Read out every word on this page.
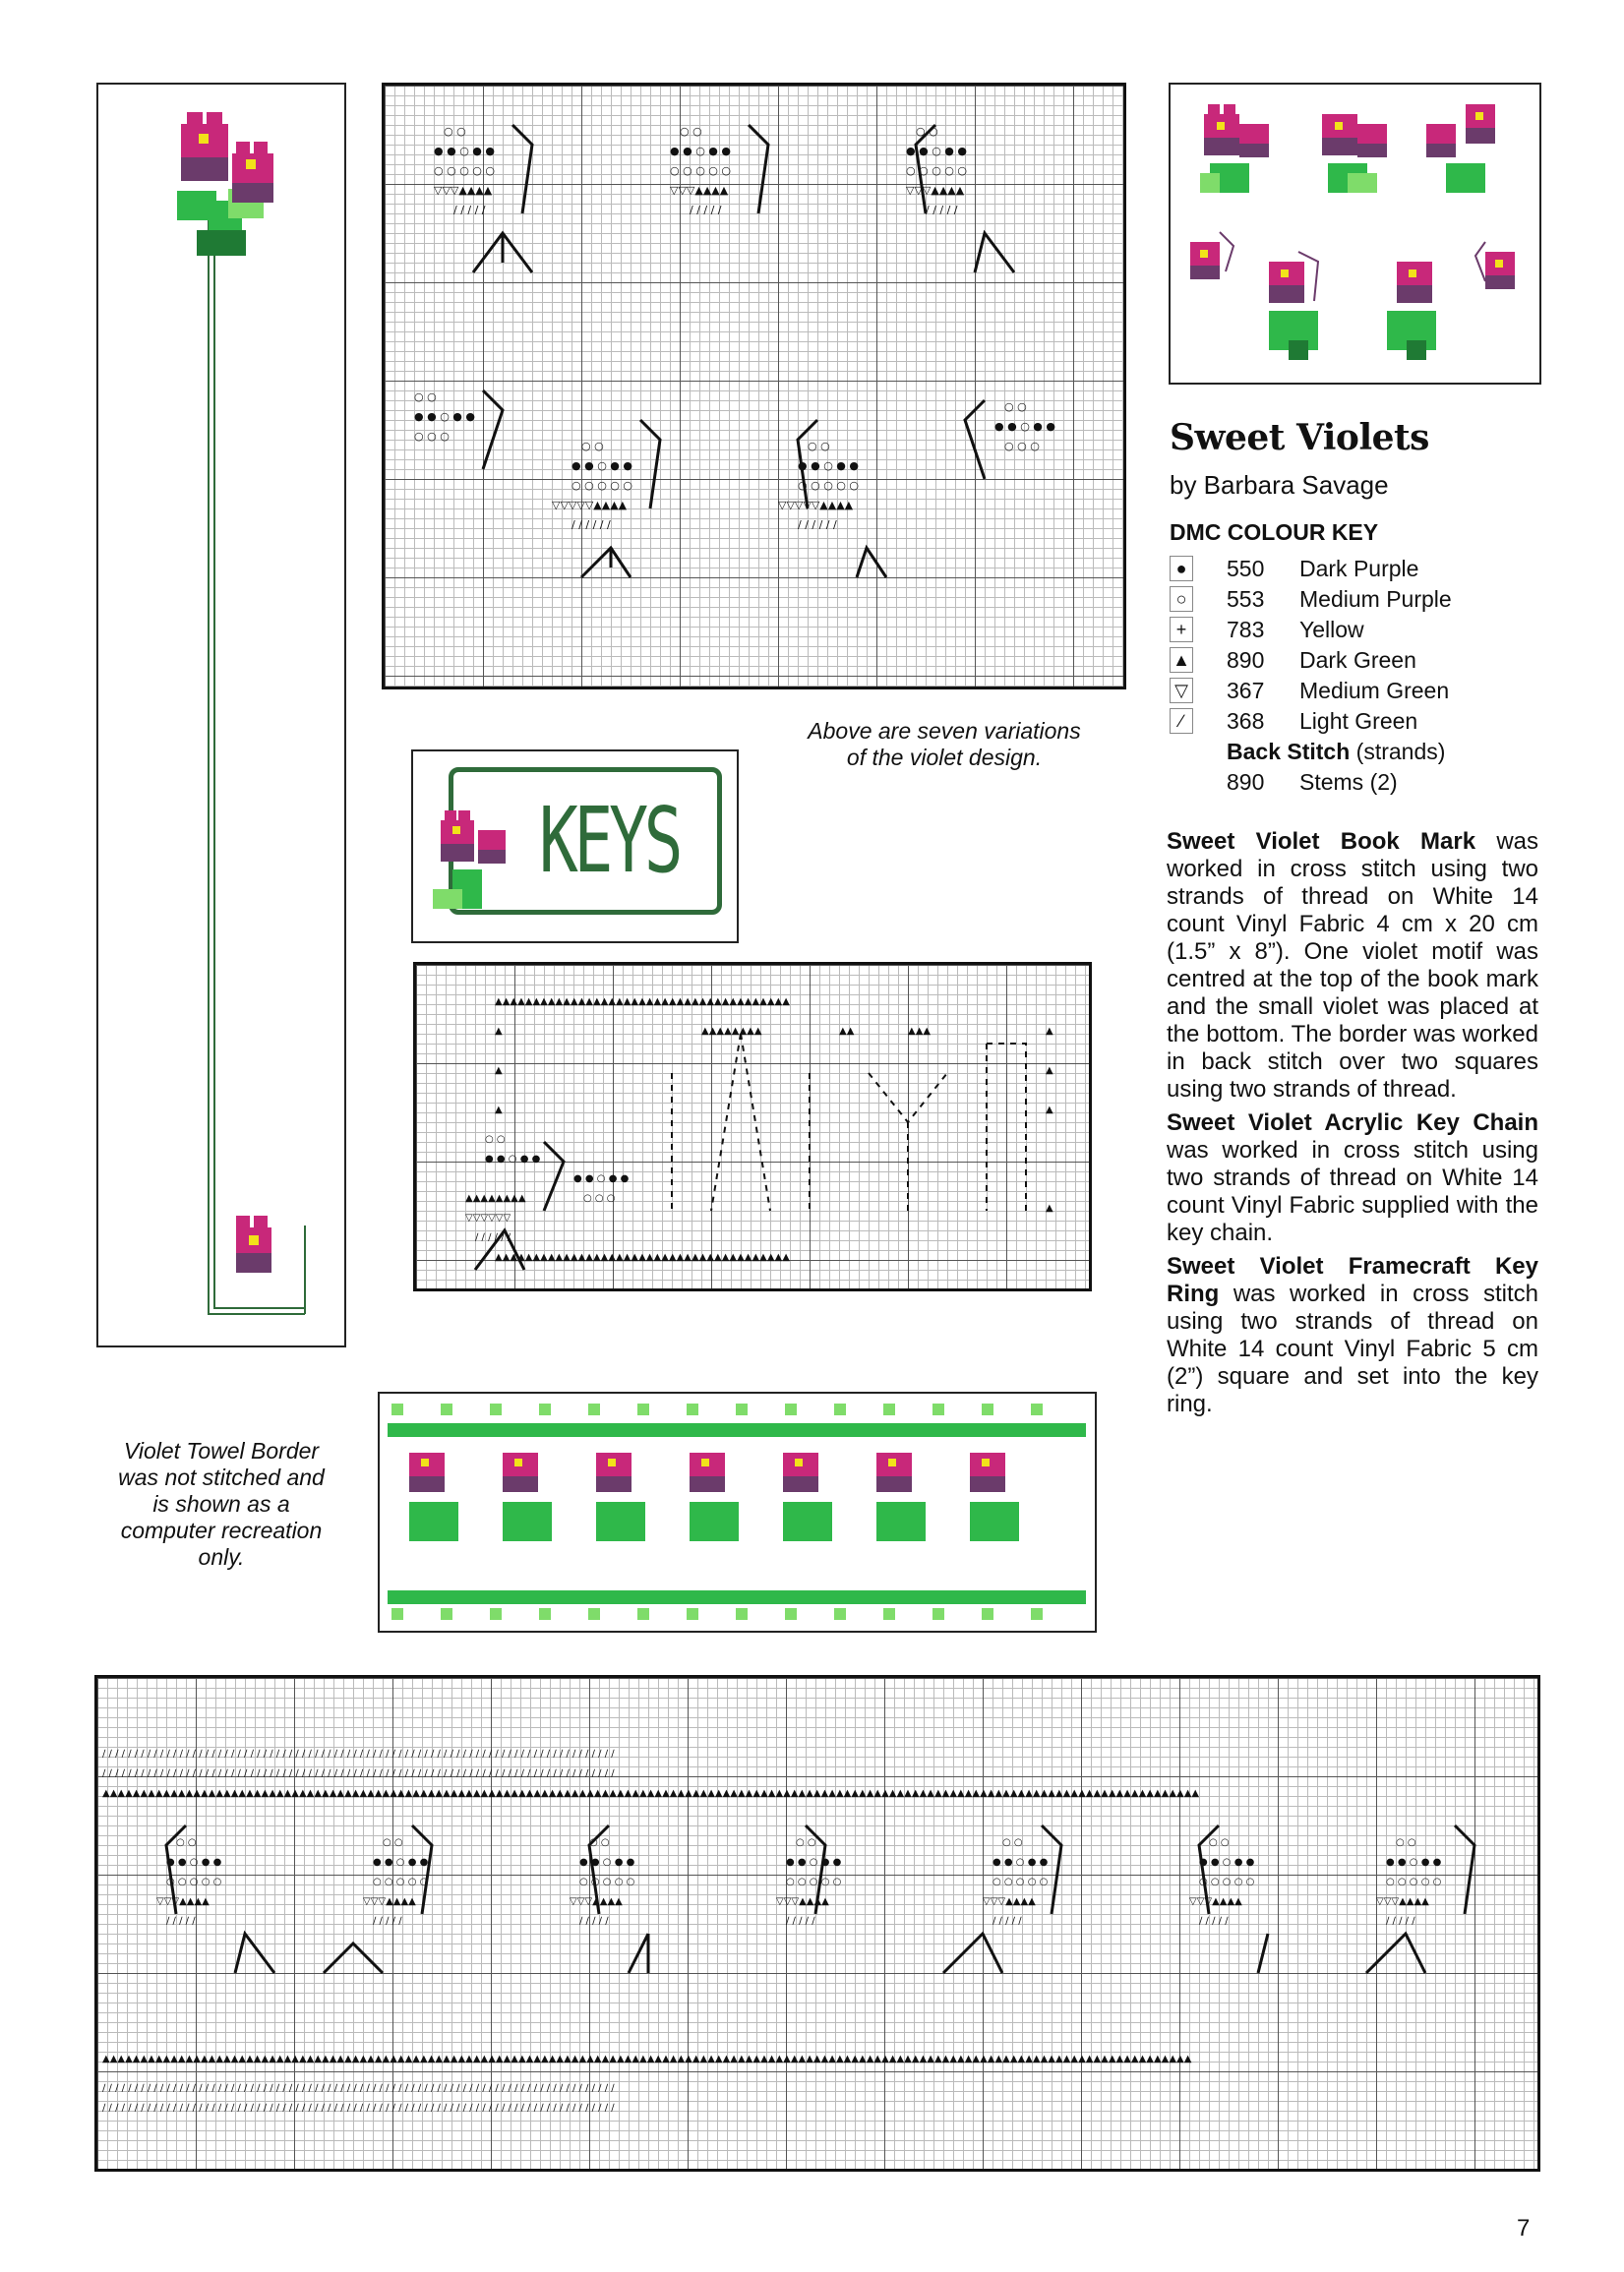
○ ○
● ● ○ ● ●
○ ○ ○ ○ ○
▽▽▽▲▲▲▲
∕ ∕ ∕ ∕ ∕
○ ○
● ● ○ ● ●
○ ○ ○ ○ ○
▽▽▽▲▲▲▲
∕ ∕ ∕ ∕ ∕
○ ○
● ● ○ ● ●
○ ○ ○ ○ ○
▽▽▽▲▲▲▲
∕ ∕ ∕ ∕ ∕
○ ○
● ● ○ ● ●
○ ○ ○
○ ○
● ● ○ ● ●
○ ○ ○ ○ ○
▽▽▽▽▽▲▲▲▲
∕ ∕ ∕ ∕ ∕ ∕
○ ○
● ● ○ ● ●
○ ○ ○ ○ ○
▽▽▽▽▽▲▲▲▲
∕ ∕ ∕ ∕ ∕ ∕
○ ○
● ● ○ ● ●
○ ○ ○	Sweet Violets
by Barbara Savage
DMC COLOUR KEY
● 550 Dark Purple
○ 553 Medium Purple
+ 783 Yellow
▲ 890 Dark Green
▽ 367 Medium Green
∕	368 Light Green
Back Stitch (strands)
890 Stems (2)
Above are seven variations
of the violet design.
KEYS
▲▲▲▲▲▲▲▲▲▲▲▲▲▲▲▲▲▲▲▲▲▲▲▲▲▲▲▲▲▲▲▲▲▲▲▲▲▲▲
▲▲▲▲▲▲▲▲▲▲▲▲▲▲▲▲▲▲▲▲▲▲▲▲▲▲▲▲▲▲▲▲▲▲▲▲▲▲▲
▲
▲
▲
▲
▲
▲
▲
○ ○
● ● ○ ● ●
▲▲▲▲▲▲▲▲
▽▽▽▽▽▽
∕ ∕ ∕ ∕ ∕ ∕
● ● ○ ● ●
○ ○ ○
▲▲▲▲▲▲▲▲	▲▲	▲▲▲
Violet Towel Border
was not stitched and
is shown as a
computer recreation
only.

Sweet Violet Book Mark was worked in cross stitch using two strands of thread on White 14 count Vinyl Fabric 4 cm x 20 cm (1.5” x 8”). One violet motif was centred at the top of the book mark and the small violet was placed at the bottom. The border was worked in back stitch over two squares using two strands of thread.

Sweet Violet Acrylic Key Chain was worked in cross stitch using two strands of thread on White 14 count Vinyl Fabric supplied with the key chain.

Sweet Violet Framecraft Key Ring was worked in cross stitch using two strands of thread on White 14 count Vinyl Fabric 5 cm (2”) square and set into the key ring.

∕ ∕ ∕ ∕ ∕ ∕ ∕ ∕ ∕ ∕ ∕ ∕ ∕ ∕ ∕ ∕ ∕ ∕ ∕ ∕ ∕ ∕ ∕ ∕ ∕ ∕ ∕ ∕ ∕ ∕ ∕ ∕ ∕ ∕ ∕ ∕ ∕ ∕ ∕ ∕ ∕ ∕ ∕ ∕ ∕ ∕ ∕ ∕ ∕ ∕ ∕ ∕ ∕ ∕ ∕ ∕ ∕ ∕ ∕ ∕ ∕ ∕ ∕ ∕ ∕ ∕ ∕ ∕ ∕ ∕ ∕ ∕ ∕ ∕ ∕ ∕ ∕ ∕ ∕ ∕
∕ ∕ ∕ ∕ ∕ ∕ ∕ ∕ ∕ ∕ ∕ ∕ ∕ ∕ ∕ ∕ ∕ ∕ ∕ ∕ ∕ ∕ ∕ ∕ ∕ ∕ ∕ ∕ ∕ ∕ ∕ ∕ ∕ ∕ ∕ ∕ ∕ ∕ ∕ ∕ ∕ ∕ ∕ ∕ ∕ ∕ ∕ ∕ ∕ ∕ ∕ ∕ ∕ ∕ ∕ ∕ ∕ ∕ ∕ ∕ ∕ ∕ ∕ ∕ ∕ ∕ ∕ ∕ ∕ ∕ ∕ ∕ ∕ ∕ ∕ ∕ ∕ ∕ ∕ ∕
▲▲▲▲▲▲▲▲▲▲▲▲▲▲▲▲▲▲▲▲▲▲▲▲▲▲▲▲▲▲▲▲▲▲▲▲▲▲▲▲▲▲▲▲▲▲▲▲▲▲▲▲▲▲▲▲▲▲▲▲▲▲▲▲▲▲▲▲▲▲▲▲▲▲▲▲▲▲▲▲▲▲▲▲▲▲▲▲▲▲▲▲▲▲▲▲▲▲▲▲▲▲▲▲▲▲▲▲▲▲▲▲▲▲▲▲▲▲▲▲▲▲▲▲▲▲▲▲▲▲▲▲▲▲▲▲▲▲▲▲▲▲▲▲▲
▲▲▲▲▲▲▲▲▲▲▲▲▲▲▲▲▲▲▲▲▲▲▲▲▲▲▲▲▲▲▲▲▲▲▲▲▲▲▲▲▲▲▲▲▲▲▲▲▲▲▲▲▲▲▲▲▲▲▲▲▲▲▲▲▲▲▲▲▲▲▲▲▲▲▲▲▲▲▲▲▲▲▲▲▲▲▲▲▲▲▲▲▲▲▲▲▲▲▲▲▲▲▲▲▲▲▲▲▲▲▲▲▲▲▲▲▲▲▲▲▲▲▲▲▲▲▲▲▲▲▲▲▲▲▲▲▲▲▲▲▲▲▲▲
∕ ∕ ∕ ∕ ∕ ∕ ∕ ∕ ∕ ∕ ∕ ∕ ∕ ∕ ∕ ∕ ∕ ∕ ∕ ∕ ∕ ∕ ∕ ∕ ∕ ∕ ∕ ∕ ∕ ∕ ∕ ∕ ∕ ∕ ∕ ∕ ∕ ∕ ∕ ∕ ∕ ∕ ∕ ∕ ∕ ∕ ∕ ∕ ∕ ∕ ∕ ∕ ∕ ∕ ∕ ∕ ∕ ∕ ∕ ∕ ∕ ∕ ∕ ∕ ∕ ∕ ∕ ∕ ∕ ∕ ∕ ∕ ∕ ∕ ∕ ∕ ∕ ∕ ∕ ∕
∕ ∕ ∕ ∕ ∕ ∕ ∕ ∕ ∕ ∕ ∕ ∕ ∕ ∕ ∕ ∕ ∕ ∕ ∕ ∕ ∕ ∕ ∕ ∕ ∕ ∕ ∕ ∕ ∕ ∕ ∕ ∕ ∕ ∕ ∕ ∕ ∕ ∕ ∕ ∕ ∕ ∕ ∕ ∕ ∕ ∕ ∕ ∕ ∕ ∕ ∕ ∕ ∕ ∕ ∕ ∕ ∕ ∕ ∕ ∕ ∕ ∕ ∕ ∕ ∕ ∕ ∕ ∕ ∕ ∕ ∕ ∕ ∕ ∕ ∕ ∕ ∕ ∕ ∕ ∕
○ ○
● ● ○ ● ●
○ ○ ○ ○ ○
▽▽▽▲▲▲▲
∕ ∕ ∕ ∕ ∕
○ ○
● ● ○ ● ●
○ ○ ○ ○ ○
▽▽▽▲▲▲▲
∕ ∕ ∕ ∕ ∕
○ ○
● ● ○ ● ●
○ ○ ○ ○ ○
▽▽▽▲▲▲▲
∕ ∕ ∕ ∕ ∕
○ ○
● ● ○ ● ●
○ ○ ○ ○ ○
▽▽▽▲▲▲▲
∕ ∕ ∕ ∕ ∕
○ ○
● ● ○ ● ●
○ ○ ○ ○ ○
▽▽▽▲▲▲▲
∕ ∕ ∕ ∕ ∕
○ ○
● ● ○ ● ●
○ ○ ○ ○ ○
▽▽▽▲▲▲▲
∕ ∕ ∕ ∕ ∕
○ ○
● ● ○ ● ●
○ ○ ○ ○ ○
▽▽▽▲▲▲▲
∕ ∕ ∕ ∕ ∕
7
